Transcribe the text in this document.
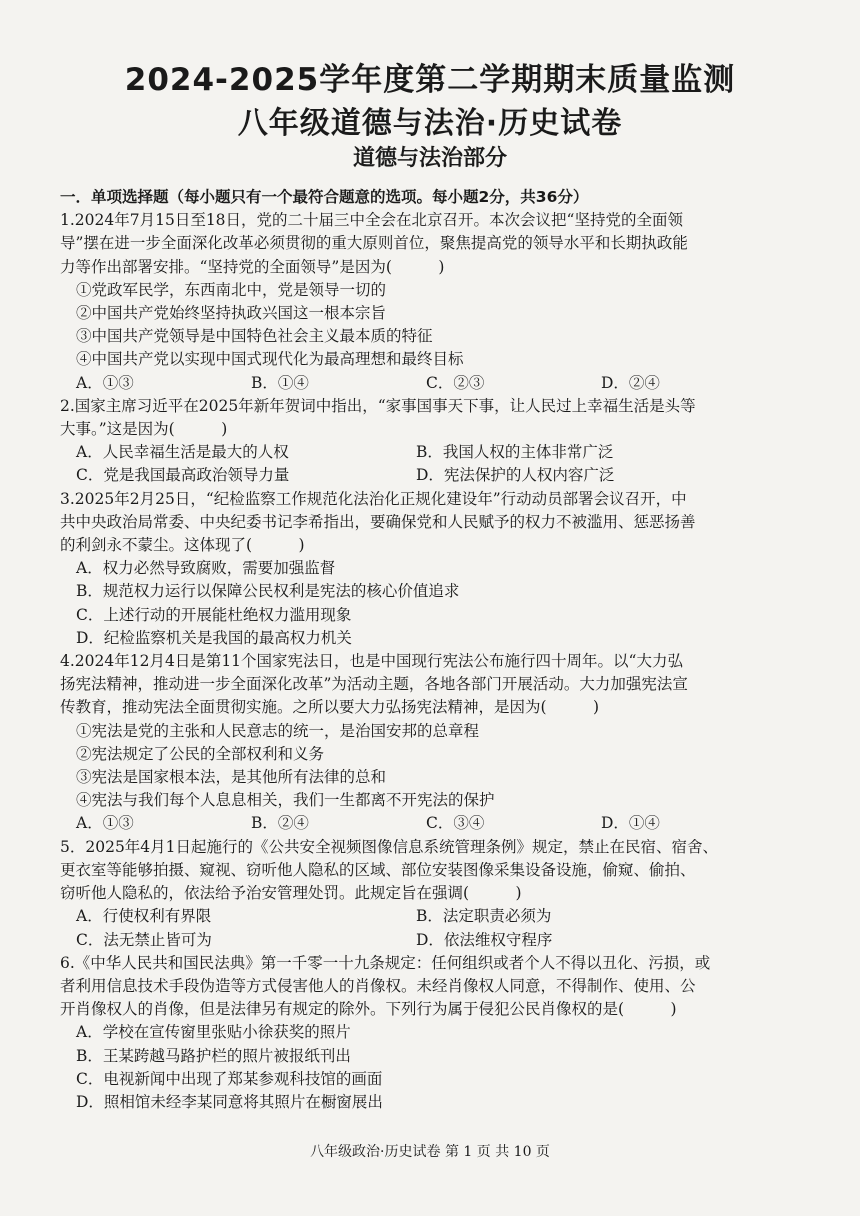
2024-2025学年度第二学期期末质量监测
八年级道德与法治·历史试卷
道德与法治部分
一．单项选择题（每小题只有一个最符合题意的选项。每小题2分，共36分）
1.2024年7月15日至18日，党的二十届三中全会在北京召开。本次会议把“坚持党的全面领
导”摆在进一步全面深化改革必须贯彻的重大原则首位，聚焦提高党的领导水平和长期执政能
力等作出部署安排。“坚持党的全面领导”是因为(　　　)
①党政军民学，东西南北中，党是领导一切的
②中国共产党始终坚持执政兴国这一根本宗旨
③中国共产党领导是中国特色社会主义最本质的特征
④中国共产党以实现中国式现代化为最高理想和最终目标
A．①③	B．①④	C．②③	D．②④
2.国家主席习近平在2025年新年贺词中指出，“家事国事天下事，让人民过上幸福生活是头等
大事。”这是因为(　　　)
A．人民幸福生活是最大的人权	B．我国人权的主体非常广泛
C．党是我国最高政治领导力量	D．宪法保护的人权内容广泛
3.2025年2月25日，“纪检监察工作规范化法治化正规化建设年”行动动员部署会议召开，中
共中央政治局常委、中央纪委书记李希指出，要确保党和人民赋予的权力不被滥用、惩恶扬善
的利剑永不蒙尘。这体现了(　　　)
A．权力必然导致腐败，需要加强监督
B．规范权力运行以保障公民权利是宪法的核心价值追求
C．上述行动的开展能杜绝权力滥用现象
D．纪检监察机关是我国的最高权力机关
4.2024年12月4日是第11个国家宪法日，也是中国现行宪法公布施行四十周年。以“大力弘
扬宪法精神，推动进一步全面深化改革”为活动主题，各地各部门开展活动。大力加强宪法宣
传教育，推动宪法全面贯彻实施。之所以要大力弘扬宪法精神，是因为(　　　)
①宪法是党的主张和人民意志的统一，是治国安邦的总章程
②宪法规定了公民的全部权利和义务
③宪法是国家根本法，是其他所有法律的总和
④宪法与我们每个人息息相关，我们一生都离不开宪法的保护
A．①③	B．②④	C．③④	D．①④
5．2025年4月1日起施行的《公共安全视频图像信息系统管理条例》规定，禁止在民宿、宿舍、
更衣室等能够拍摄、窥视、窃听他人隐私的区域、部位安装图像采集设备设施，偷窥、偷拍、
窃听他人隐私的，依法给予治安管理处罚。此规定旨在强调(　　　)
A．行使权利有界限	B．法定职责必须为
C．法无禁止皆可为	D．依法维权守程序
6.《中华人民共和国民法典》第一千零一十九条规定：任何组织或者个人不得以丑化、污损，或
者利用信息技术手段伪造等方式侵害他人的肖像权。未经肖像权人同意，不得制作、使用、公
开肖像权人的肖像，但是法律另有规定的除外。下列行为属于侵犯公民肖像权的是(　　　)
A．学校在宣传窗里张贴小徐获奖的照片
B．王某跨越马路护栏的照片被报纸刊出
C．电视新闻中出现了郑某参观科技馆的画面
D．照相馆未经李某同意将其照片在橱窗展出
八年级政治·历史试卷 第 1 页 共 10 页
